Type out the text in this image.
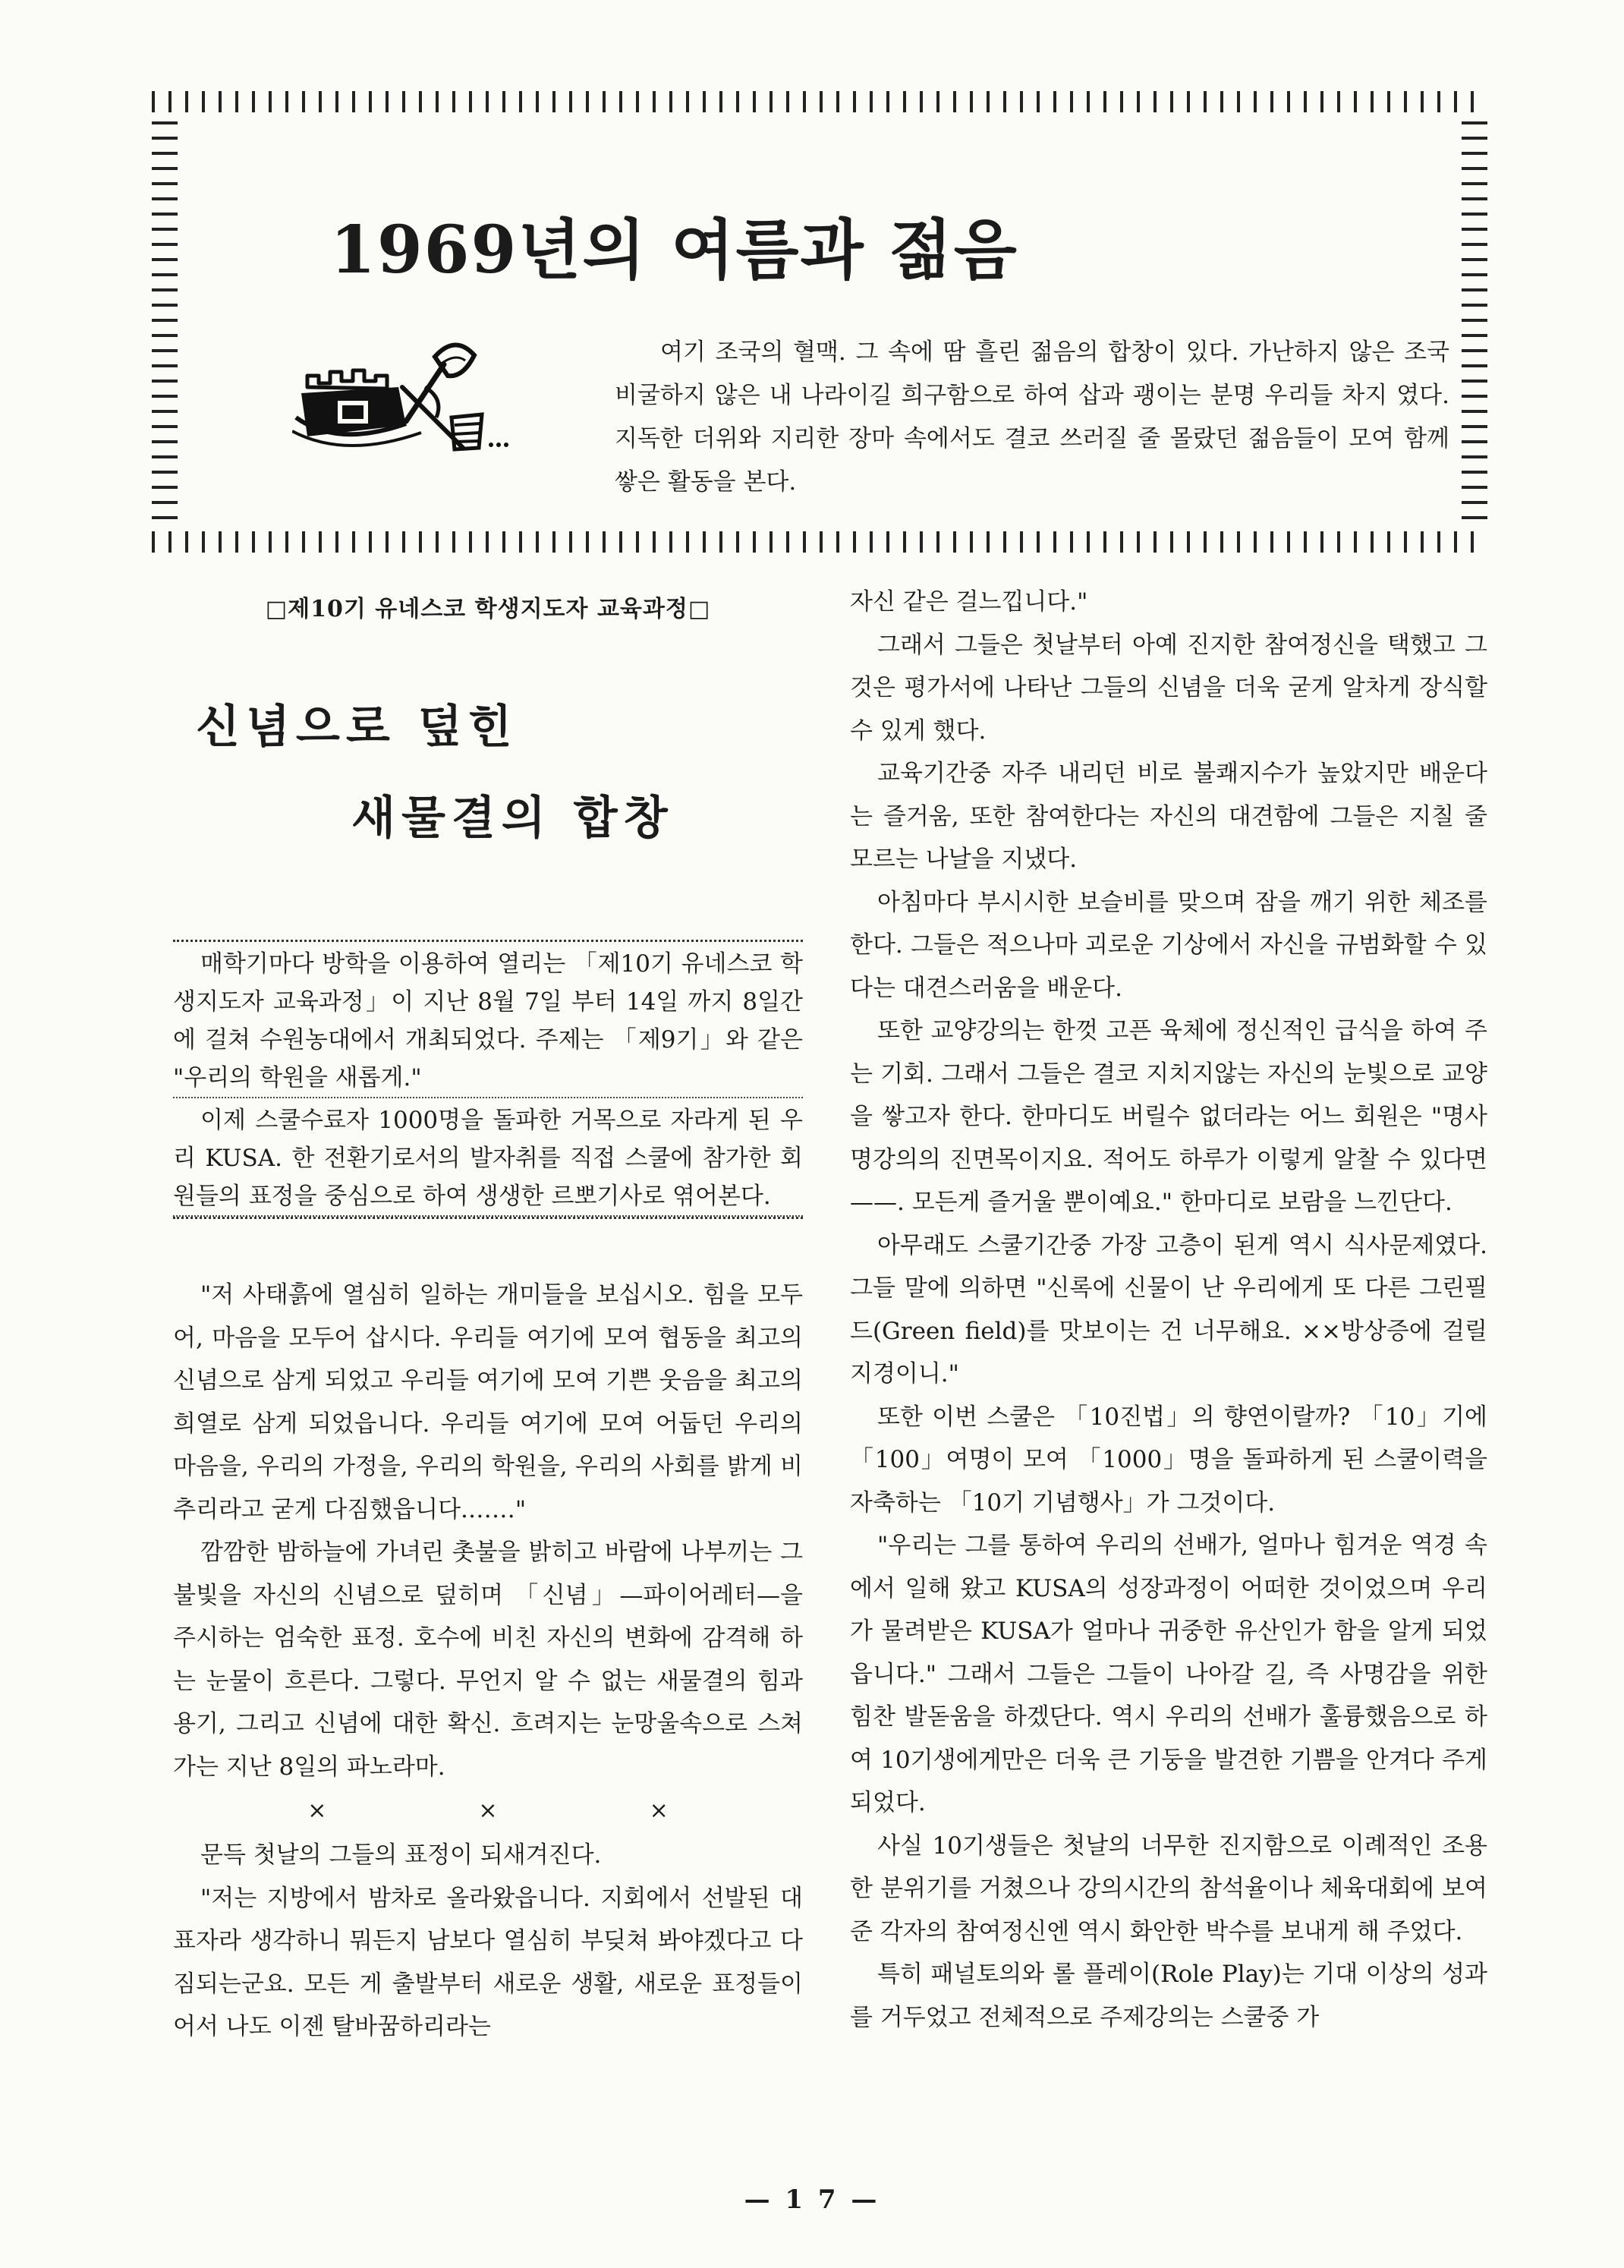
1969년의 여름과 젊음

여기 조국의 혈맥. 그 속에 땀 흘린 젊음의 합창이 있다. 가난하지 않은 조국 비굴하지 않은 내 나라이길 희구함으로 하여 삽과 괭이는 분명 우리들 차지 였다. 지독한 더위와 지리한 장마 속에서도 결코 쓰러질 줄 몰랐던 젊음들이 모여 함께 쌓은 활동을 본다.

□제10기 유네스코 학생지도자 교육과정□
신념으로 덮힌
새물결의 합창

매학기마다 방학을 이용하여 열리는 「제10기 유네스코 학생지도자 교육과정」이 지난 8월 7일 부터 14일 까지 8일간에 걸쳐 수원농대에서 개최되었다. 주제는 「제9기」와 같은 "우리의 학원을 새롭게."

이제 스쿨수료자 1000명을 돌파한 거목으로 자라게 된 우리 KUSA. 한 전환기로서의 발자취를 직접 스쿨에 참가한 회원들의 표정을 중심으로 하여 생생한 르뽀기사로 엮어본다.

"저 사태흙에 열심히 일하는 개미들을 보십시오. 힘을 모두어, 마음을 모두어 삽시다. 우리들 여기에 모여 협동을 최고의 신념으로 삼게 되었고 우리들 여기에 모여 기쁜 웃음을 최고의 희열로 삼게 되었읍니다. 우리들 여기에 모여 어둡던 우리의 마음을, 우리의 가정을, 우리의 학원을, 우리의 사회를 밝게 비추리라고 굳게 다짐했읍니다.……"

깜깜한 밤하늘에 가녀린 촛불을 밝히고 바람에 나부끼는 그 불빛을 자신의 신념으로 덮히며 「신념」—파이어레터—을 주시하는 엄숙한 표정. 호수에 비친 자신의 변화에 감격해 하는 눈물이 흐른다. 그렇다. 무언지 알 수 없는 새물결의 힘과 용기, 그리고 신념에 대한 확신. 흐려지는 눈망울속으로 스쳐가는 지난 8일의 파노라마.

×	×	×

문득 첫날의 그들의 표정이 되새겨진다.

"저는 지방에서 밤차로 올라왔읍니다. 지회에서 선발된 대표자라 생각하니 뭐든지 남보다 열심히 부딪쳐 봐야겠다고 다짐되는군요. 모든 게 출발부터 새로운 생활, 새로운 표정들이어서 나도 이젠 탈바꿈하리라는

자신 같은 걸느낍니다."

그래서 그들은 첫날부터 아예 진지한 참여정신을 택했고 그것은 평가서에 나타난 그들의 신념을 더욱 굳게 알차게 장식할 수 있게 했다.

교육기간중 자주 내리던 비로 불쾌지수가 높았지만 배운다는 즐거움, 또한 참여한다는 자신의 대견함에 그들은 지칠 줄 모르는 나날을 지냈다.

아침마다 부시시한 보슬비를 맞으며 잠을 깨기 위한 체조를 한다. 그들은 적으나마 괴로운 기상에서 자신을 규범화할 수 있다는 대견스러움을 배운다.

또한 교양강의는 한껏 고픈 육체에 정신적인 급식을 하여 주는 기회. 그래서 그들은 결코 지치지않는 자신의 눈빛으로 교양을 쌓고자 한다. 한마디도 버릴수 없더라는 어느 회원은 "명사명강의의 진면목이지요. 적어도 하루가 이렇게 알찰 수 있다면——. 모든게 즐거울 뿐이예요." 한마디로 보람을 느낀단다.

아무래도 스쿨기간중 가장 고층이 된게 역시 식사문제였다. 그들 말에 의하면 "신록에 신물이 난 우리에게 또 다른 그린필드(Green field)를 맛보이는 건 너무해요. ××방상증에 걸릴 지경이니."

또한 이번 스쿨은 「10진법」의 향연이랄까? 「10」기에 「100」여명이 모여 「1000」명을 돌파하게 된 스쿨이력을 자축하는 「10기 기념행사」가 그것이다.

"우리는 그를 통하여 우리의 선배가, 얼마나 힘겨운 역경 속에서 일해 왔고 KUSA의 성장과정이 어떠한 것이었으며 우리가 물려받은 KUSA가 얼마나 귀중한 유산인가 함을 알게 되었읍니다." 그래서 그들은 그들이 나아갈 길, 즉 사명감을 위한 힘찬 발돋움을 하겠단다. 역시 우리의 선배가 훌륭했음으로 하여 10기생에게만은 더욱 큰 기둥을 발견한 기쁨을 안겨다 주게 되었다.

사실 10기생들은 첫날의 너무한 진지함으로 이례적인 조용한 분위기를 거쳤으나 강의시간의 참석율이나 체육대회에 보여준 각자의 참여정신엔 역시 화안한 박수를 보내게 해 주었다.

특히 패널토의와 롤 플레이(Role Play)는 기대 이상의 성과를 거두었고 전체적으로 주제강의는 스쿨중 가

— 1 7 —
